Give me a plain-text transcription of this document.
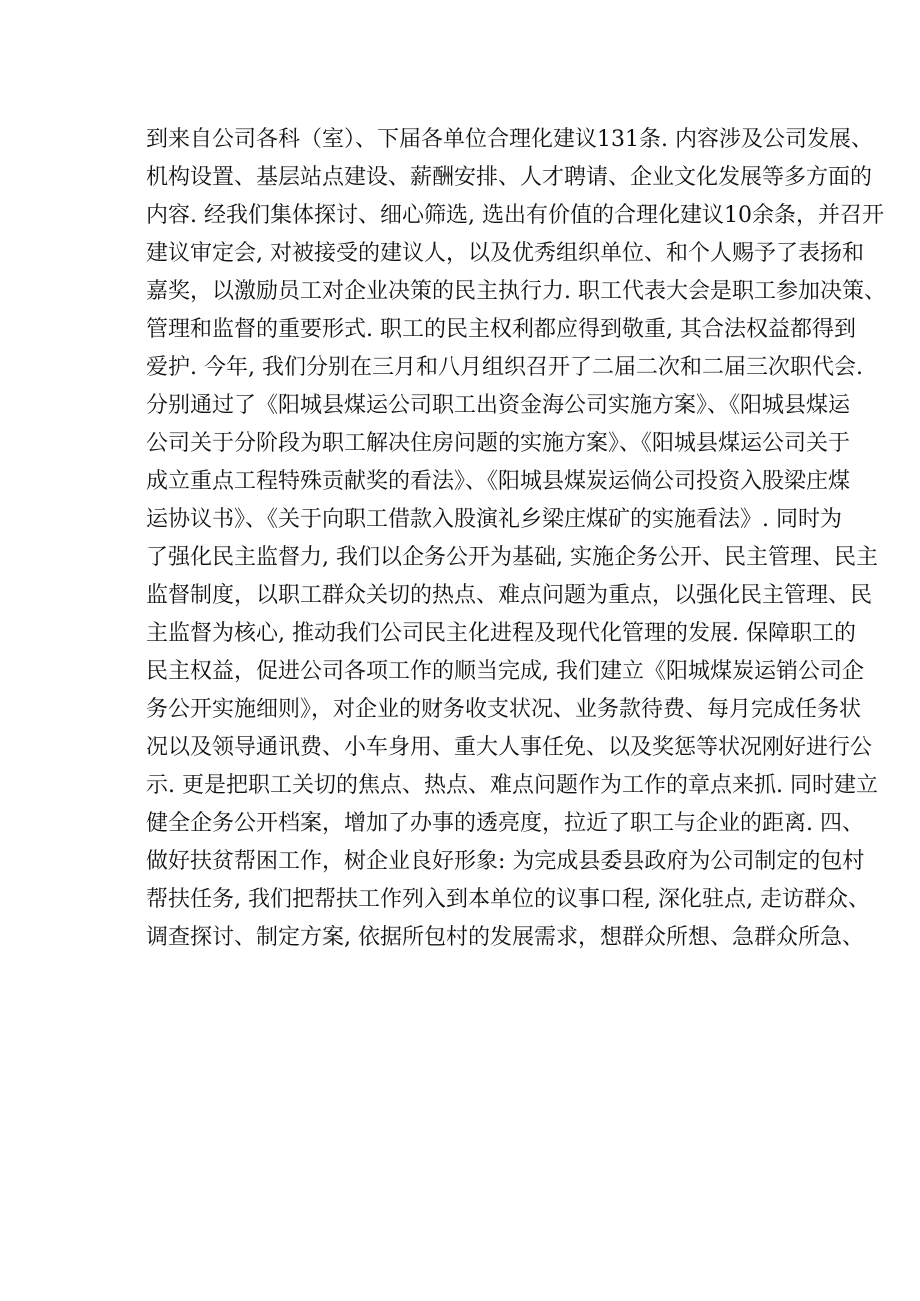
到来自公司各科（室）、下届各单位合理化建议131条. 内容涉及公司发展、
机构设置、基层站点建设、薪酬安排、人才聘请、企业文化发展等多方面的
内容. 经我们集体探讨、细心筛选, 选出有价值的合理化建议10余条，并召开
建议审定会, 对被接受的建议人，以及优秀组织单位、和个人赐予了表扬和
嘉奖，以激励员工对企业决策的民主执行力. 职工代表大会是职工参加决策、
管理和监督的重要形式. 职工的民主权利都应得到敬重, 其合法权益都得到
爱护. 今年, 我们分别在三月和八月组织召开了二届二次和二届三次职代会.
分别通过了《阳城县煤运公司职工出资金海公司实施方案》、《阳城县煤运
公司关于分阶段为职工解决住房问题的实施方案》、《阳城县煤运公司关于
成立重点工程特殊贡献奖的看法》、《阳城县煤炭运倘公司投资入股梁庄煤
运协议书》、《关于向职工借款入股演礼乡梁庄煤矿的实施看法》. 同时为
了强化民主监督力, 我们以企务公开为基础, 实施企务公开、民主管理、民主
监督制度，以职工群众关切的热点、难点问题为重点，以强化民主管理、民
主监督为核心, 推动我们公司民主化进程及现代化管理的发展. 保障职工的
民主权益，促进公司各项工作的顺当完成, 我们建立《阳城煤炭运销公司企
务公开实施细则》，对企业的财务收支状况、业务款待费、每月完成任务状
况以及领导通讯费、小车身用、重大人事任免、以及奖惩等状况刚好进行公
示. 更是把职工关切的焦点、热点、难点问题作为工作的章点来抓. 同时建立
健全企务公开档案，增加了办事的透亮度，拉近了职工与企业的距离. 四、
做好扶贫帮困工作，树企业良好形象: 为完成县委县政府为公司制定的包村
帮扶任务, 我们把帮扶工作列入到本单位的议事口程, 深化驻点, 走访群众、
调查探讨、制定方案, 依据所包村的发展需求，想群众所想、急群众所急、
